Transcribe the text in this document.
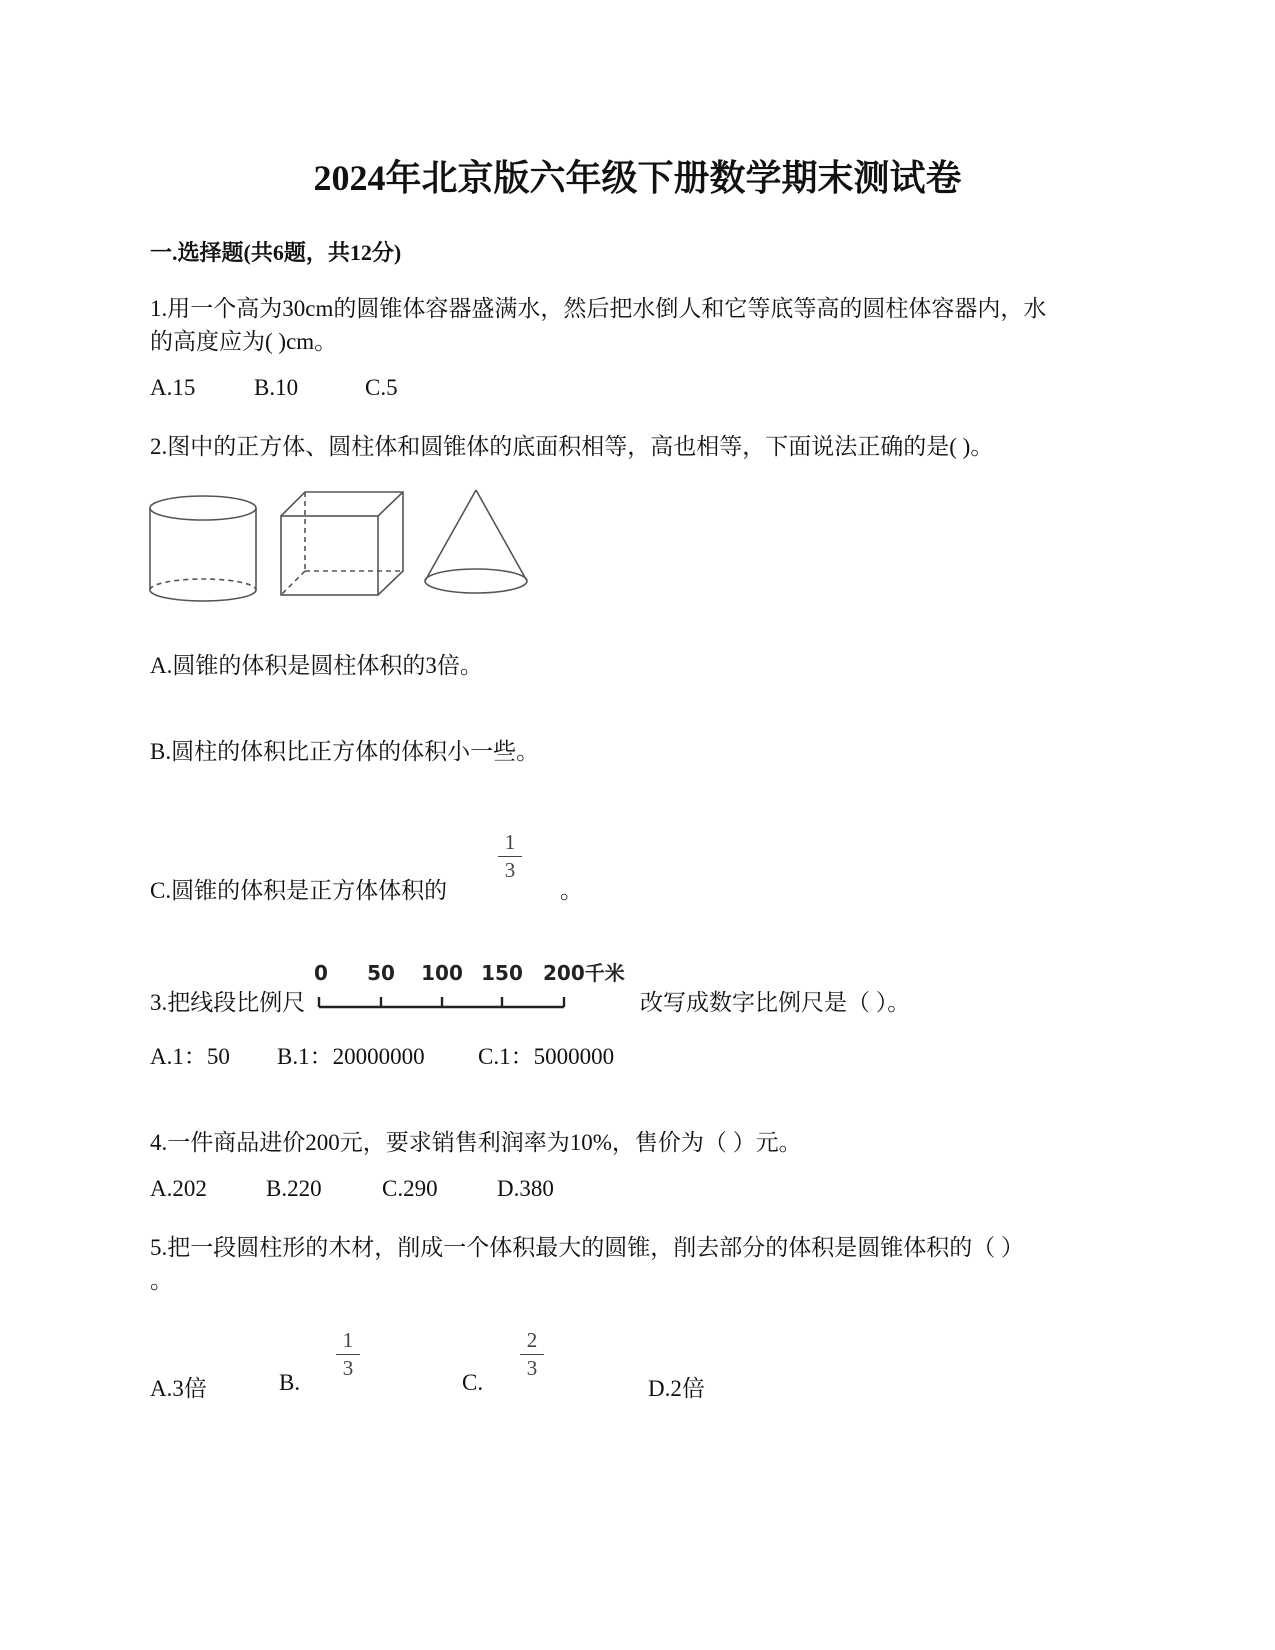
2024年北京版六年级下册数学期末测试卷
一.选择题(共6题，共12分)
1.用一个高为30cm的圆锥体容器盛满水，然后把水倒人和它等底等高的圆柱体容器内，水
的高度应为( )cm。
A.15	B.10	C.5
2.图中的正方体、圆柱体和圆锥体的底面积相等，高也相等，下面说法正确的是( )。
A.圆锥的体积是圆柱体积的3倍。
B.圆柱的体积比正方体的体积小一些。
C.圆锥的体积是正方体体积的
1
3
。
3.把线段比例尺
0 50 100 150 200千米
改写成数字比例尺是（ ）。
A.1：50 B.1：20000000 C.1：5000000
4.一件商品进价200元，要求销售利润率为10%，售价为（ ）元。
A.202	B.220	C.290	D.380
5.把一段圆柱形的木材，削成一个体积最大的圆锥，削去部分的体积是圆锥体积的（ ）
。
A.3倍	B.
1
3
C.
2
3
D.2倍
